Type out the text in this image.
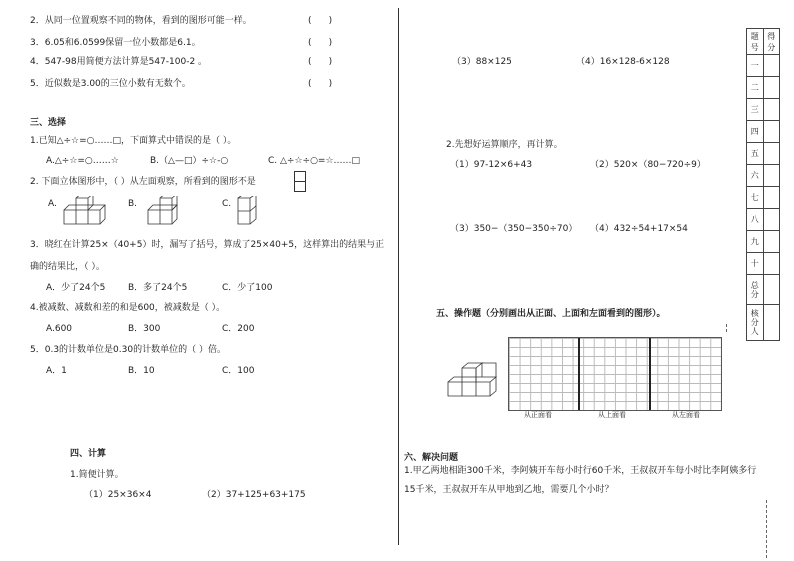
2．从同一位置观察不同的物体，看到的图形可能一样。	(      )
3．6.05和6.0599保留一位小数都是6.1。	(      )
4．547-98用简便方法计算是547-100-2 。	(      )
5．近似数是3.00的三位小数有无数个。	(      )
三、选择
1.已知△÷☆=○……□，下面算式中错误的是（ ）。
A.△÷☆=○……☆	B.（△—□）÷☆-○	C. △÷☆÷○=☆……□
2. 下面立体图形中，（ ）从左面观察，所看到的图形不是
A.	B.	C.
3．晓红在计算25×（40+5）时，漏写了括号，算成了25×40+5，这样算出的结果与正
确的结果比，（ ）。
A．少了24个5	B．多了24个5	C．少了100
4.被减数、减数和差的和是600，被减数是（ ）。
A.600	B．300	C．200
5．0.3的计数单位是0.30的计数单位的（ ）倍。
A．1	B．10	C．100
四、计算
1.简便计算。
（1）25×36×4	（2）37+125+63+175
（3）88×125	（4）16×128-6×128
2.先想好运算顺序，再计算。
（1）97-12×6+43	（2）520×（80−720÷9）
（3）350−（350−350÷70） （4）432÷54+17×54
五、操作题（分别画出从正面、上面和左面看到的图形）。
从正面看	从上面看	从左面看
六、解决问题
1.甲乙两地相距300千米，李阿姨开车每小时行60千米，王叔叔开车每小时比李阿姨多行
15千米，王叔叔开车从甲地到乙地，需要几个小时？
题号	得分
一	
二	
三	
四	
五	
六	
七	
八	
九	
十	
总分	
核分人	
